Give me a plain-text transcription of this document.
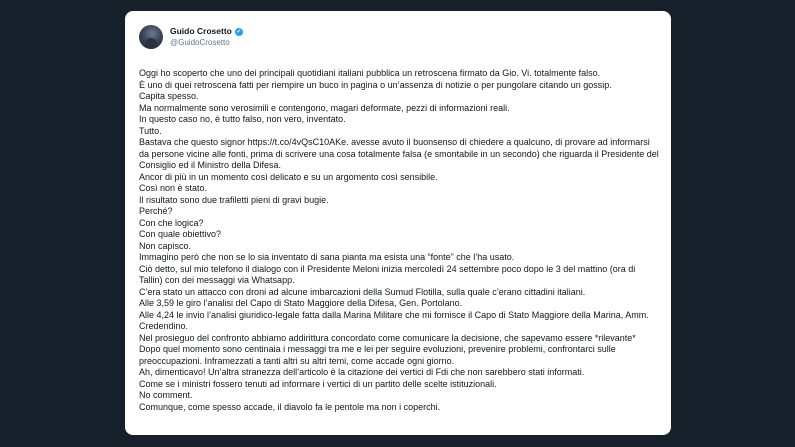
Guido Crosetto ✓
@GuidoCrosetto

Oggi ho scoperto che uno dei principali quotidiani italiani pubblica un retroscena firmato da Gio. Vi. totalmente falso.

È uno di quei retroscena fatti per riempire un buco in pagina o un’assenza di notizie o per pungolare citando un gossip.

Capita spesso.

Ma normalmente sono verosimili e contengono, magari deformate, pezzi di informazioni reali.

In questo caso no, è tutto falso, non vero, inventato.

Tutto.

Bastava che questo signor https://t.co/4vQsC10AKe. avesse avuto il buonsenso di chiedere a qualcuno, di provare ad informarsi da persone vicine alle fonti, prima di scrivere una cosa totalmente falsa (e smontabile in un secondo) che riguarda il Presidente del Consiglio ed il Ministro della Difesa.

Ancor di più in un momento così delicato e su un argomento così sensibile.

Così non è stato.

Il risultato sono due trafiletti pieni di gravi bugie.

Perché?

Con che logica?

Con quale obiettivo?

Non capisco.

Immagino però che non se lo sia inventato di sana pianta ma esista una “fonte” che l’ha usato.

Ciò detto, sul mio telefono il dialogo con il Presidente Meloni inizia mercoledì 24 settembre poco dopo le 3 del mattino (ora di Tallin) con dei messaggi via Whatsapp.

C’era stato un attacco con droni ad alcune imbarcazioni della Sumud Flotilla, sulla quale c’erano cittadini italiani.

Alle 3,59 le giro l’analisi del Capo di Stato Maggiore della Difesa, Gen. Portolano.

Alle 4,24 le invio l’analisi giuridico-legale fatta dalla Marina Militare che mi fornisce il Capo di Stato Maggiore della Marina, Amm. Credendino.

Nel prosieguo del confronto abbiamo addirittura concordato come comunicare la decisione, che sapevamo essere *rilevante*

Dopo quel momento sono centinaia i messaggi tra me e lei per seguire evoluzioni, prevenire problemi, confrontarci sulle preoccupazioni. Inframezzati a tanti altri su altri temi, come accade ogni giorno.

Ah, dimenticavo! Un’altra stranezza dell’articolo è la citazione dei vertici di Fdi che non sarebbero stati informati.

Come se i ministri fossero tenuti ad informare i vertici di un partito delle scelte istituzionali.

No comment.

Comunque, come spesso accade, il diavolo fa le pentole ma non i coperchi.
